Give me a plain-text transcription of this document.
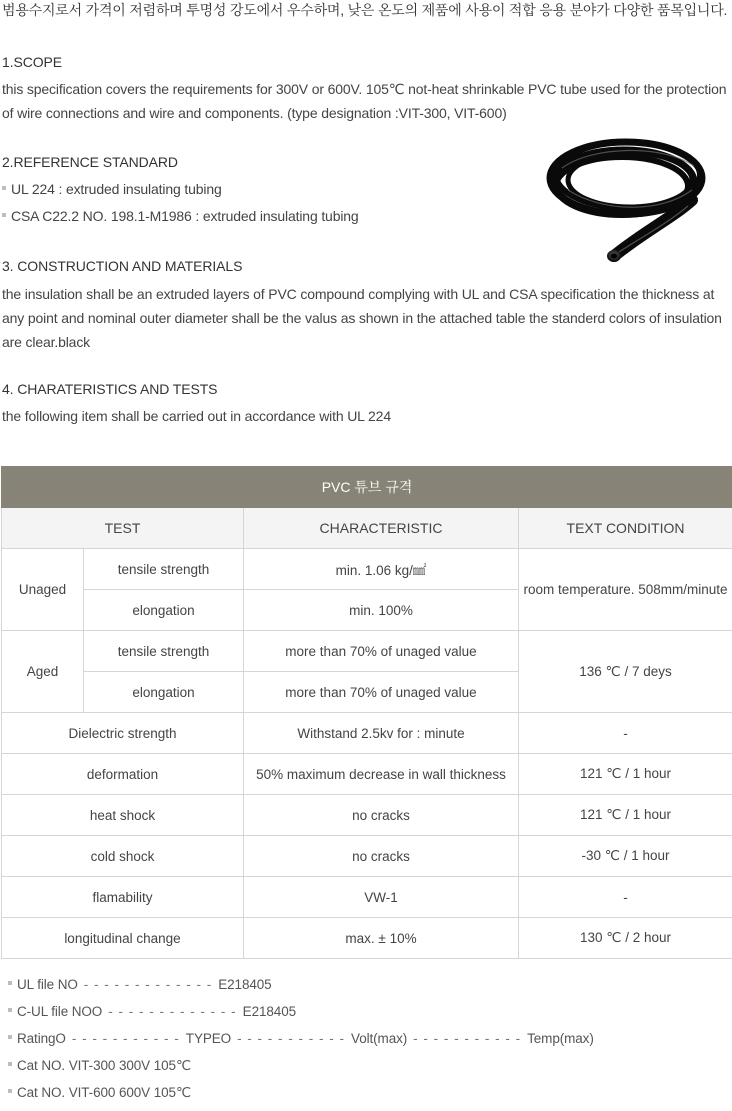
범용수지로서 가격이 저렴하며 투명성 강도에서 우수하며, 낮은 온도의 제품에 사용이 적합 응용 분야가 다양한 품목입니다.
1.SCOPE
this specification covers the requirements for 300V or 600V. 105℃ not-heat shrinkable PVC tube used for the protection
of wire connections and wire and components. (type designation :VIT-300, VIT-600)
2.REFERENCE STANDARD
UL 224 : extruded insulating tubing
CSA C22.2 NO. 198.1-M1986 : extruded insulating tubing
3. CONSTRUCTION AND MATERIALS
the insulation shall be an extruded layers of PVC compound complying with UL and CSA specification the thickness at
any point and nominal outer diameter shall be the valus as shown in the attached table the standerd colors of insulation
are clear.black
4. CHARATERISTICS AND TESTS
the following item shall be carried out in accordance with UL 224
PVC 튜브 규격			
TEST		CHARACTERISTIC	TEXT CONDITION
Unaged	tensile strength	min. 1.06 kg/㎟	room temperature. 508mm/minute
	elongation	min. 100%	
Aged	tensile strength	more than 70% of unaged value	136 ℃ / 7 deys
	elongation	more than 70% of unaged value	
Dielectric strength		Withstand 2.5kv for : minute	-
deformation		50% maximum decrease in wall thickness	121 ℃ / 1 hour
heat shock		no cracks	121 ℃ / 1 hour
cold shock		no cracks	-30 ℃ / 1 hour
flamability		VW-1	-
longitudinal change		max. ± 10%	130 ℃ / 2 hour
UL file NO - - - - - - - - - - - - - E218405
C-UL file NOO - - - - - - - - - - - - - E218405
RatingO - - - - - - - - - - - TYPEO - - - - - - - - - - - Volt(max) - - - - - - - - - - - Temp(max)
Cat NO. VIT-300 300V 105℃
Cat NO. VIT-600 600V 105℃
